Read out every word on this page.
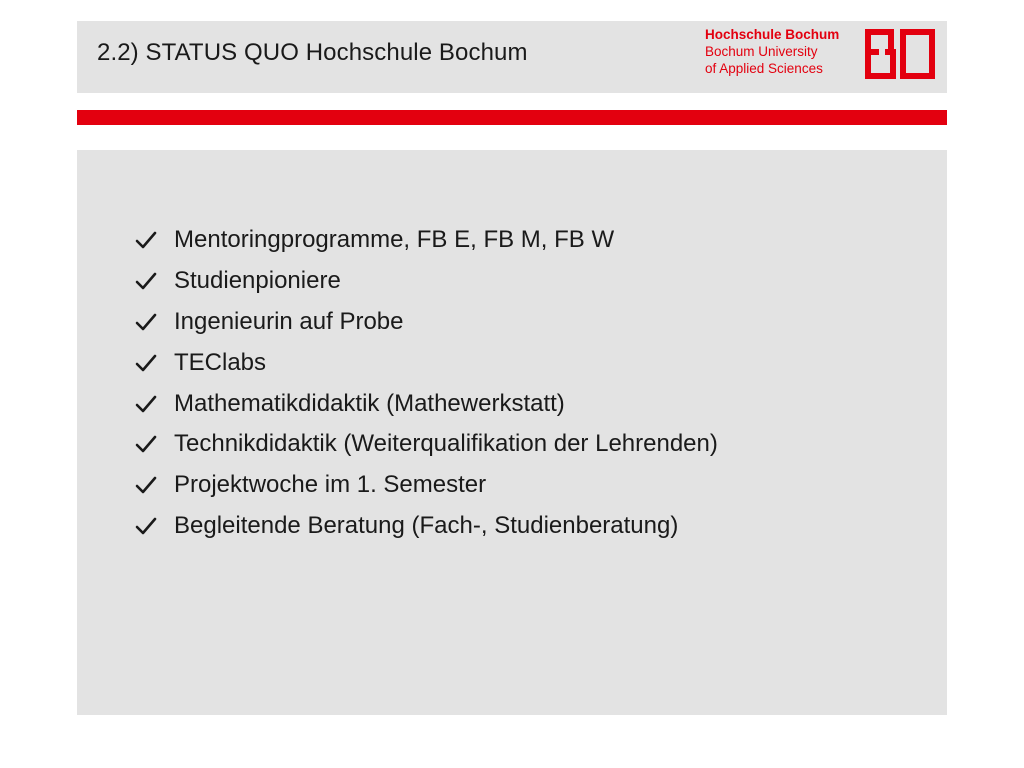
2.2) STATUS QUO Hochschule Bochum
Hochschule Bochum
Bochum University
of Applied Sciences
Mentoringprogramme, FB E, FB M, FB W
Studienpioniere
Ingenieurin auf Probe
TEClabs
Mathematikdidaktik (Mathewerkstatt)
Technikdidaktik (Weiterqualifikation der Lehrenden)
Projektwoche im 1. Semester
Begleitende Beratung (Fach-, Studienberatung)
